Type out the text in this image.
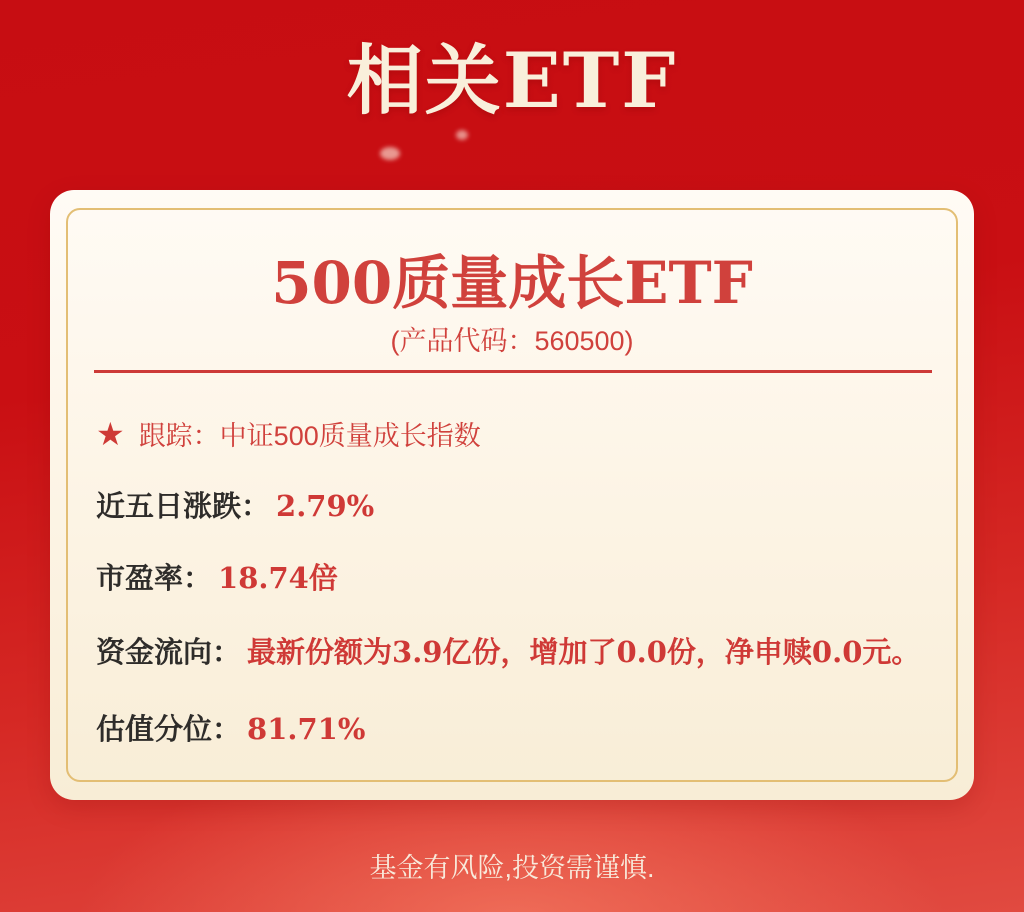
相关ETF
500质量成长ETF
(产品代码：560500)
★ 跟踪：中证500质量成长指数
近五日涨跌： 2.79%
市盈率： 18.74倍
资金流向： 最新份额为3.9亿份，增加了0.0份，净申赎0.0元。
估值分位： 81.71%
基金有风险,投资需谨慎.
